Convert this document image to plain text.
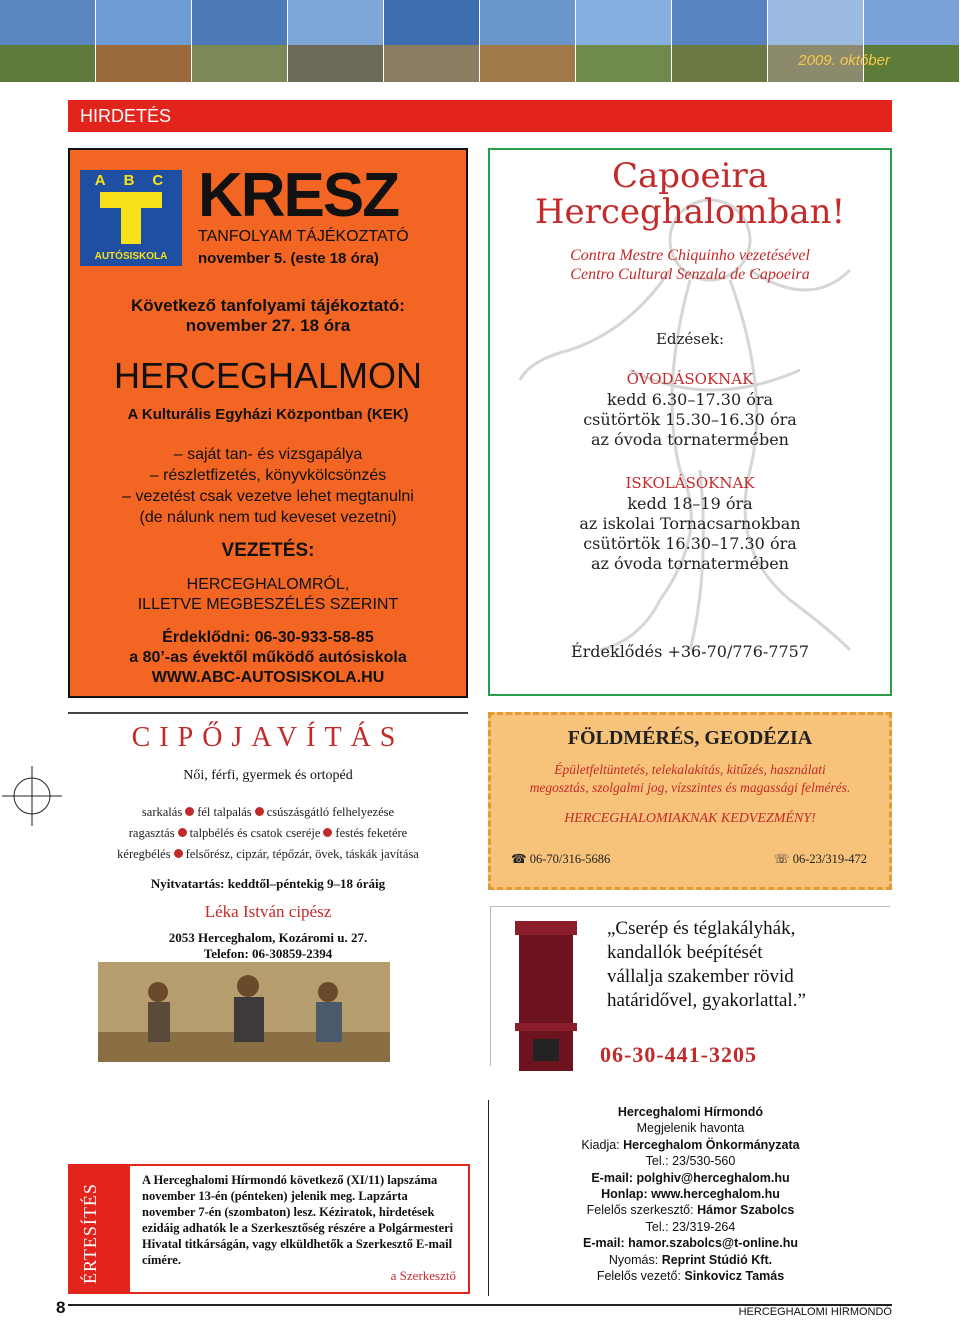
2009. október
HIRDETÉS
ABC
AUTÓSISKOLA
KRESZ
TANFOLYAM TÁJÉKOZTATÓ
november 5. (este 18 óra)
Következő tanfolyami tájékoztató:
november 27. 18 óra
HERCEGHALMON
A Kulturális Egyházi Központban (KEK)
– saját tan- és vizsgapálya
– részletfizetés, könyvkölcsönzés
– vezetést csak vezetve lehet megtanulni
(de nálunk nem tud keveset vezetni)
VEZETÉS:
HERCEGHALOMRÓL,
ILLETVE MEGBESZÉLÉS SZERINT
Érdeklődni: 06-30-933-58-85
a 80’-as évektől működő autósiskola
WWW.ABC-AUTOSISKOLA.HU
Capoeira
Herceghalomban!
Contra Mestre Chiquinho vezetésével
Centro Cultural Senzala de Capoeira
Edzések:
ÓVODÁSOKNAK
kedd 6.30–17.30 óra
csütörtök 15.30–16.30 óra
az óvoda tornatermében
ISKOLÁSOKNAK
kedd 18–19 óra
az iskolai Tornacsarnokban
csütörtök 16.30–17.30 óra
az óvoda tornatermében
Érdeklődés +36-70/776-7757
CIPŐJAVÍTÁS
Női, férfi, gyermek és ortopéd
sarkalás fél talpalás csúszásgátló felhelyezése
ragasztás talpbélés és csatok cseréje festés feketére
kéregbélés felsőrész, cipzár, tépőzár, övek, táskák javítása
Nyitvatartás: keddtől–péntekig 9–18 óráig
Léka István cipész
2053 Herceghalom, Kozáromi u. 27.
Telefon: 06-30859-2394
FÖLDMÉRÉS, GEODÉZIA
Épületfeltüntetés, telekalakítás, kitűzés, használati
megosztás, szolgalmi jog, vízszintes és magassági felmérés.
HERCEGHALOMIAKNAK KEDVEZMÉNY!
☎ 06-70/316-5686	☏ 06-23/319-472
„Cserép és téglakályhák,
kandallók beépítését
vállalja szakember rövid
határidővel, gyakorlattal.”
06-30-441-3205
ÉRTESÍTÉS
A Herceghalomi Hírmondó következő (XI/11) lapszáma november 13-én (pénteken) jelenik meg. Lapzárta november 7-én (szombaton) lesz. Kéziratok, hirdetések ezidáig adhatók le a Szerkesztőség részére a Polgármesteri Hivatal titkárságán, vagy elküldhetők a Szerkesztő E-mail címére.
a Szerkesztő
Herceghalomi Hírmondó
Megjelenik havonta
Kiadja: Herceghalom Önkormányzata
Tel.: 23/530-560
E-mail: polghiv@herceghalom.hu
Honlap: www.herceghalom.hu
Felelős szerkesztő: Hámor Szabolcs
Tel.: 23/319-264
E-mail: hamor.szabolcs@t-online.hu
Nyomás: Reprint Stúdió Kft.
Felelős vezető: Sinkovicz Tamás
8	HERCEGHALOMI HÍRMONDÓ
